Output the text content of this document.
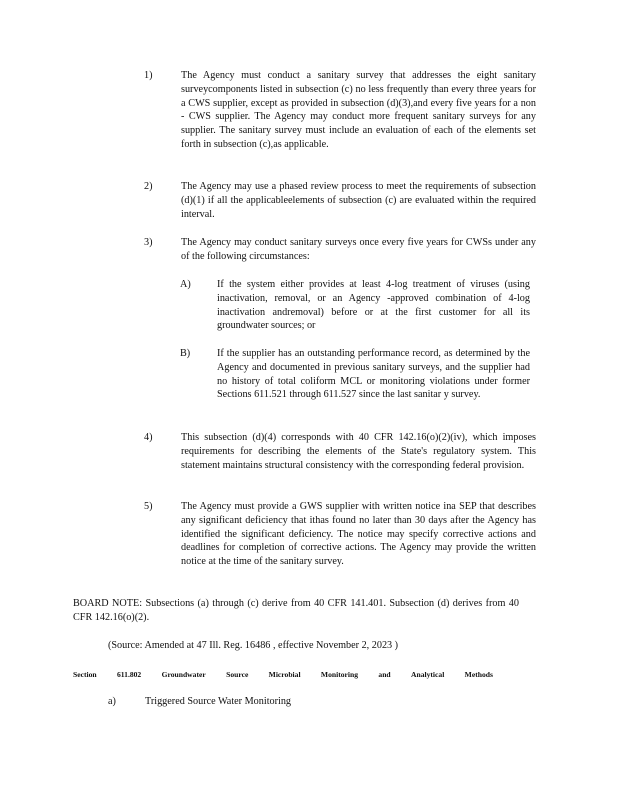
1)	The Agency must conduct a sanitary survey that addresses the eight sanitary surveycomponents listed in subsection (c) no less frequently than every three years for a CWS supplier, except as provided in subsection (d)(3),and every five years for a non - CWS supplier. The Agency may conduct more frequent sanitary surveys for any supplier. The sanitary survey must include an evaluation of each of the elements set forth in subsection (c),as applicable.
2)	The Agency may use a phased review process to meet the requirements of subsection (d)(1) if all the applicableelements of subsection (c) are evaluated within the required interval.
3)	The Agency may conduct sanitary surveys once every five years for CWSs under any of the following circumstances:
A)	If the system either provides at least 4-log treatment of viruses (using inactivation, removal, or an Agency -approved combination of 4-log inactivation andremoval) before or at the first customer for all its groundwater sources; or
B)	If the supplier has an outstanding performance record, as determined by the Agency and documented in previous sanitary surveys, and the supplier had no history of total coliform MCL or monitoring violations under former Sections 611.521 through 611.527 since the last sanitar y survey.
4)	This subsection (d)(4) corresponds with 40 CFR 142.16(o)(2)(iv), which imposes requirements for describing the elements of the State's regulatory system. This statement maintains structural consistency with the corresponding federal provision.
5)	The Agency must provide a GWS supplier with written notice ina SEP that describes any significant deficiency that ithas found no later than 30 days after the Agency has identified the significant deficiency. The notice may specify corrective actions and deadlines for completion of corrective actions. The Agency may provide the written notice at the time of the sanitary survey.
BOARD NOTE: Subsections (a) through (c) derive from 40 CFR 141.401. Subsection (d) derives from 40 CFR 142.16(o)(2).
(Source: Amended at 47 Ill. Reg. 16486 , effective November 2, 2023 )
Section	611.802	Groundwater	Source	Microbial	Monitoring	and	Analytical	Methods
a)	Triggered Source Water Monitoring
